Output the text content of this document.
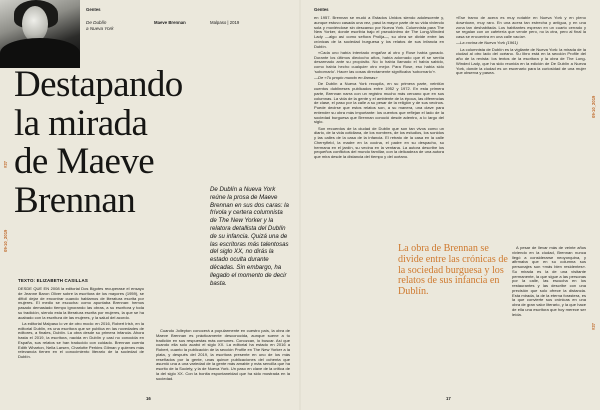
Gentes
De Dublín
a Nueva York
Maeve Brennan	Malpaso | 2019
Gentes
#37
09-10_2019
09-10_2019
#37
Destapando
la mirada
de Maeve
Brennan	De Dublín a Nueva York reúne la prosa de Maeve Brennan en sus dos caras: la frívola y certera columnista de The New Yorker y la relatora detallista del Dublín de su infancia. Quizá una de las escritoras más talentosas del siglo XX, no dirás la estado oculta durante décadas. Sin embargo, ha llegado el momento de decir basta.
TEXTO: ELIZABETH CASILLAS

DESDE QUE EN 2008 la editorial Dos Bigotes recuperase el ensayo de Jeanne Baron Oliver sobre la escritora de los mayores (1959), se difícil dejar de encontrar cuando hablamos de literatura escrita por mujeres. El medio se escucha: como apuntaba Brennan: hemos pasado demasiado tiempo ignorando las obras, a su escritora y toda su tradición, siendo esta la literatura escrita por mujeres, la que se ha acabado con la escritura de las mujeres, y la salud del acordo.

La editorial Malpaso lo ve de otro modo: en 2016, Robert Irish, en la editorial Dublin, es una escritora que se publica en las novedades de editores, a finales, Dublín. La obra desde su primera infancia. Ahora hasta el 2019, la escritora, nacida en Dublín y casi no conocida en España, sus relatos se han traducido con cuidado. Brennan cuenta Edith Wharton, Nella Larsen, Charlotte Perkins Gilman y quienes más relevancia tienen en el conocimiento literario de la sociedad de Dublín.

Cuando Jolleyton conocerá a popularmente en cuestro país, la obra de Maeve Brennan es prácticamente desconocida, aunque suene a tu tradición en sus respuestas más comunes. Conozcan, lo buscar. Así que cuando ella solo acabó el siglo XX. La editorial ha estado en 2016 a Robert, cuanto la publicación de la sección Profile en The New Yorker a la plata, y después del 2019, la escritora presente en uno de los más reseñados por la gente, unas quince publicaciones del ochenta que asumió una a una variedad de la gente más amable y más sencilla que ha escrito de la Society, y la de Nueva York. Un paso en clave de la crítica de la del siglo XX. Con la bonita espontaneidad que ha sido mostrada en la sociedad.

en 1957. Brennan se mudó a Estados Unidos siendo adolescente y, aunque estuvo casada una vez, pasó la mayor parte de su vida viviendo sola y moviéndose sin descanso por Nueva York. Columnista para The New Yorker, donde escribía bajo el pseudónimo de The Long-Winded Lady —algo así como señora Prolija—, su obra se divide entre las crónicas de la sociedad burguesa y los relatos de sus infancia en Dublín.

«Cada uno había intentado engañar al otro y Rose había ganado. Durante los últimos dieciocho años, había adornado que él se sentía desarmado ante su propósito. No lo había llamado el había sabido, como había hecho cualquier otro mejor. Para Rose, eso había sido ‘sobornarlo’. Hacer las cosas directamente significaba ‘sobornarlo’».

—De «Tu propio mundo en llamas»

De Dublín a Nueva York recopila, en su primera parte, veintiún cuentos dublineses publicados entre 1952 y 1972. En esta primera parte, Brennan narra con un registro mucho más cercano que en sus columnas. La vida de la gente y el ambiente de la época, las diferencias de clase, el paso por la calle a su pesar de la religión y de sus vecinos. Puede decirse que estos relatos son, a su manera, una clave para entender su obra más importante: los cuentos que reflejan el lado de la sociedad burguesa que Brennan conoció desde adentro, a lo largo del siglo.

Son recuerdos de la ciudad de Dublín que son tan vivos como un diario, de la vida cotidiana, de los nombres, de los estudios, los sonidos y las calles de la casa de la infancia. El retrato de la casa en la calle Cherryfield, la madre en la cocina, el padre en su despacho, su hermana en el jardín, su vecina en la ventana. La autora describe los pequeños conflictos del mundo familiar, con la delicadeza de una autora que mira desde la distancia del tiempo y del océano.

«Ese tramo de acera es muy notable en Nueva York y en pleno downtown, muy raro. En una acera tan estrecha y antigua, y en una zona tan deshabitada. Los habitantes esperan en un cuarto cerrado y se regalan con un cafetería que vende pero, no la otra, pero al final la casa se encuentra en una calle vacía».

—La cocina de Nueva York (1961)

La columnista de Dublín es la vigilante de Nueva York: la mirada de la ciudad al otro lado del océano. Su libro está en la sección Profile del año de la revista: los textos de la escritora y la obra de The Long-Winded Lady, que ha sido reunida en la edición de De Dublín a Nueva York, donde la ciudad es un escenario para la curiosidad de una mujer que observa y pasea.

A pesar de llevar más de veinte años viviendo en la ciudad, Brennan nunca llegó a considerarse neoyorquina, y afirmaba que en su columna sus personajes son «más bien residentes». Su mirada es la de una visitante permanente, la que sigue a las personas por la calle, las escucha en los restaurantes y las describe con una precisión que solo ofrece la distancia. Esta mirada, la de la eterna forastera, es la que convierte sus crónicas en una obra de gran valor literario, y la que hace de ella una escritora que hoy merece ser leída.

La obra de Brennan se divide entre las crónicas de la sociedad burguesa y los relatos de sus infancia en Dublín.
16	17
